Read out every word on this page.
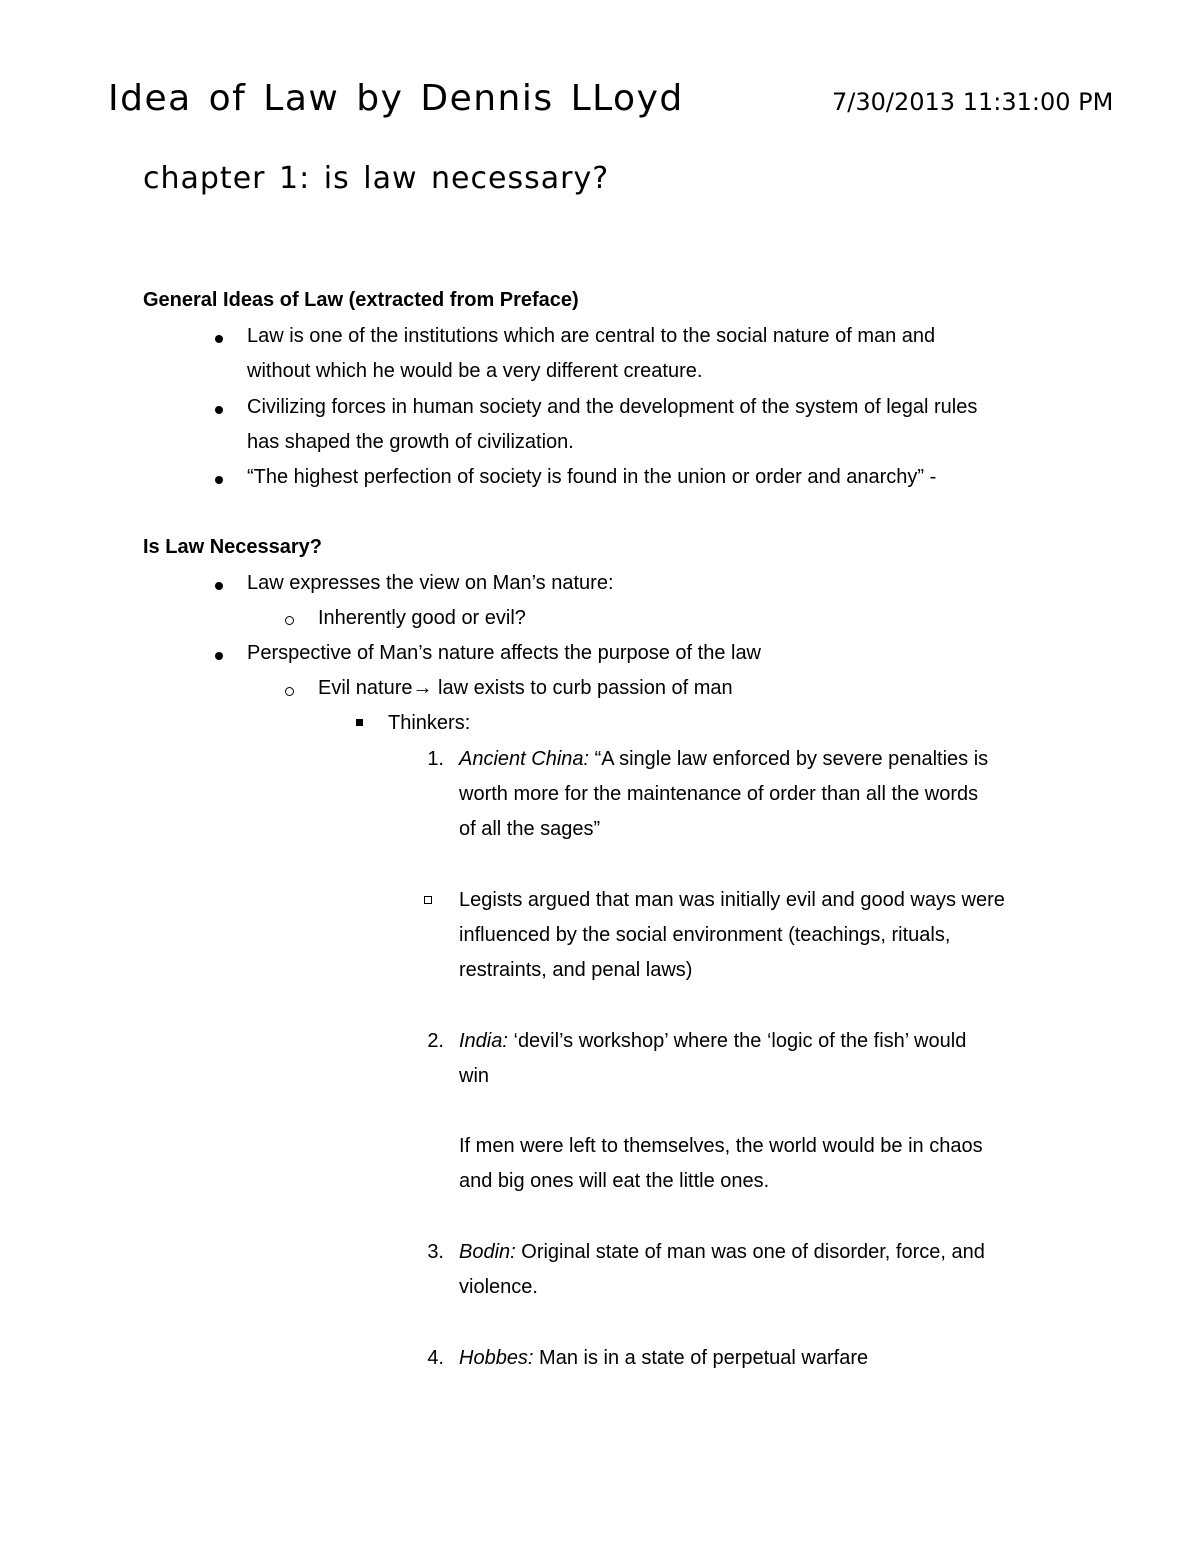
Idea of Law by Dennis LLoyd	7/30/2013 11:31:00 PM
chapter 1: is law necessary?
General Ideas of Law (extracted from Preface)
Law is one of the institutions which are central to the social nature of man and
without which he would be a very different creature.
Civilizing forces in human society and the development of the system of legal rules
has shaped the growth of civilization.
“The highest perfection of society is found in the union or order and anarchy” -
Is Law Necessary?
Law expresses the view on Man’s nature:
Inherently good or evil?
Perspective of Man’s nature affects the purpose of the law
Evil nature→ law exists to curb passion of man
Thinkers:
1. Ancient China: “A single law enforced by severe penalties is
worth more for the maintenance of order than all the words
of all the sages”
Legists argued that man was initially evil and good ways were
influenced by the social environment (teachings, rituals,
restraints, and penal laws)
2. India: ‘devil’s workshop’ where the ‘logic of the fish’ would
win
If men were left to themselves, the world would be in chaos
and big ones will eat the little ones.
3. Bodin: Original state of man was one of disorder, force, and
violence.
4. Hobbes: Man is in a state of perpetual warfare
